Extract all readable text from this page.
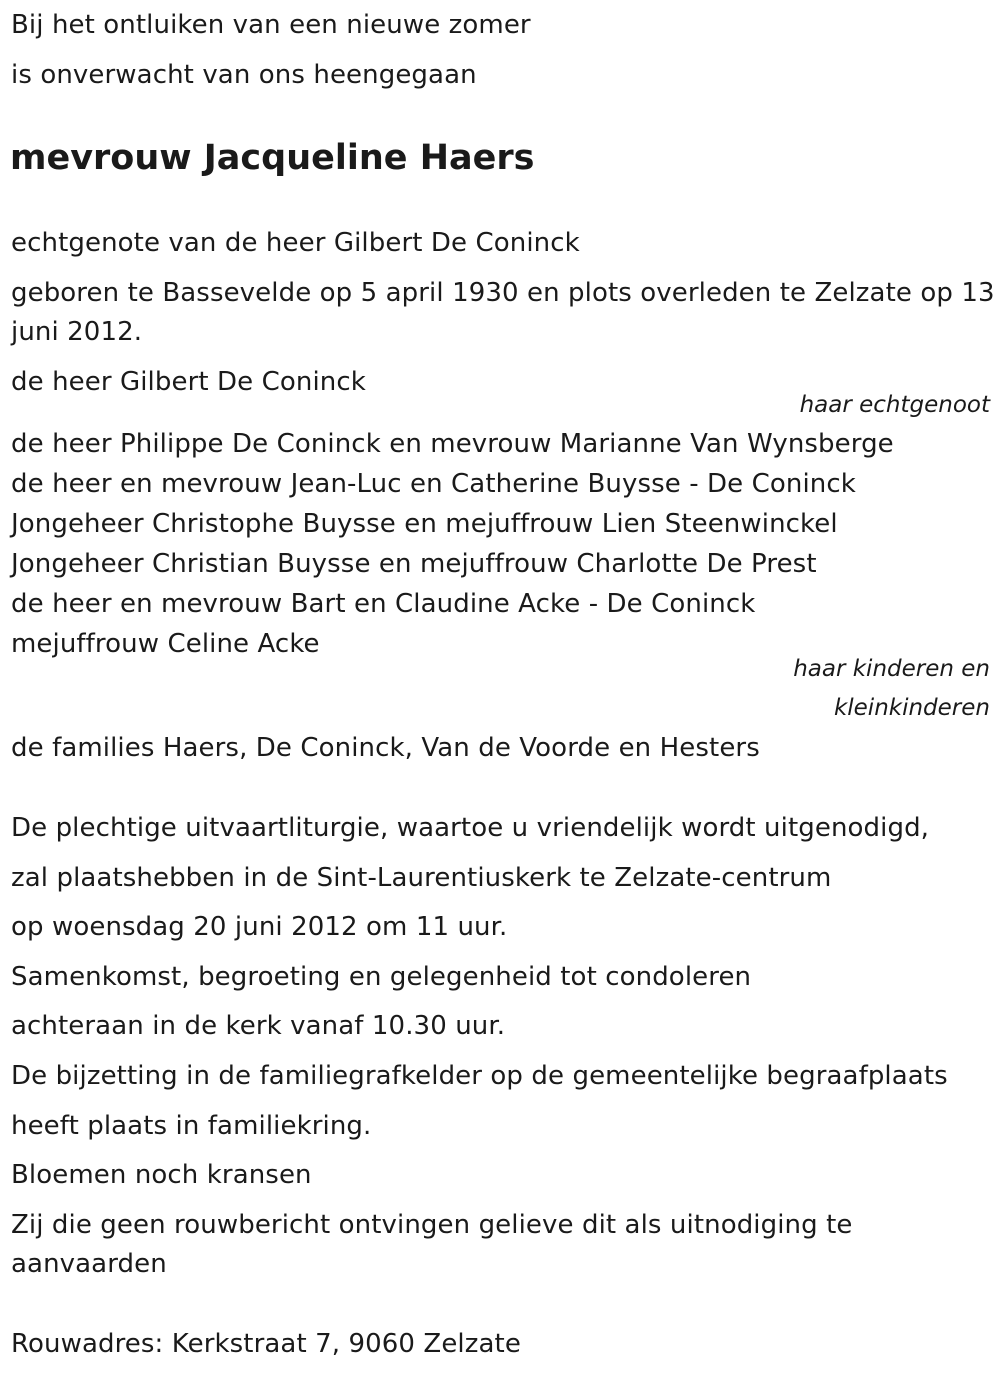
Bij het ontluiken van een nieuwe zomer
is onverwacht van ons heengegaan
mevrouw Jacqueline Haers
echtgenote van de heer Gilbert De Coninck
geboren te Bassevelde op 5 april 1930 en plots overleden te Zelzate op 13
juni 2012.
de heer Gilbert De Coninck
haar echtgenoot
de heer Philippe De Coninck en mevrouw Marianne Van Wynsberge
de heer en mevrouw Jean-Luc en Catherine Buysse - De Coninck
Jongeheer Christophe Buysse en mejuffrouw Lien Steenwinckel
Jongeheer Christian Buysse en mejuffrouw Charlotte De Prest
de heer en mevrouw Bart en Claudine Acke - De Coninck
mejuffrouw Celine Acke
haar kinderen en
kleinkinderen
de families Haers, De Coninck, Van de Voorde en Hesters
De plechtige uitvaartliturgie, waartoe u vriendelijk wordt uitgenodigd,
zal plaatshebben in de Sint-Laurentiuskerk te Zelzate-centrum
op woensdag 20 juni 2012 om 11 uur.
Samenkomst, begroeting en gelegenheid tot condoleren
achteraan in de kerk vanaf 10.30 uur.
De bijzetting in de familiegrafkelder op de gemeentelijke begraafplaats
heeft plaats in familiekring.
Bloemen noch kransen
Zij die geen rouwbericht ontvingen gelieve dit als uitnodiging te
aanvaarden
Rouwadres: Kerkstraat 7, 9060 Zelzate
